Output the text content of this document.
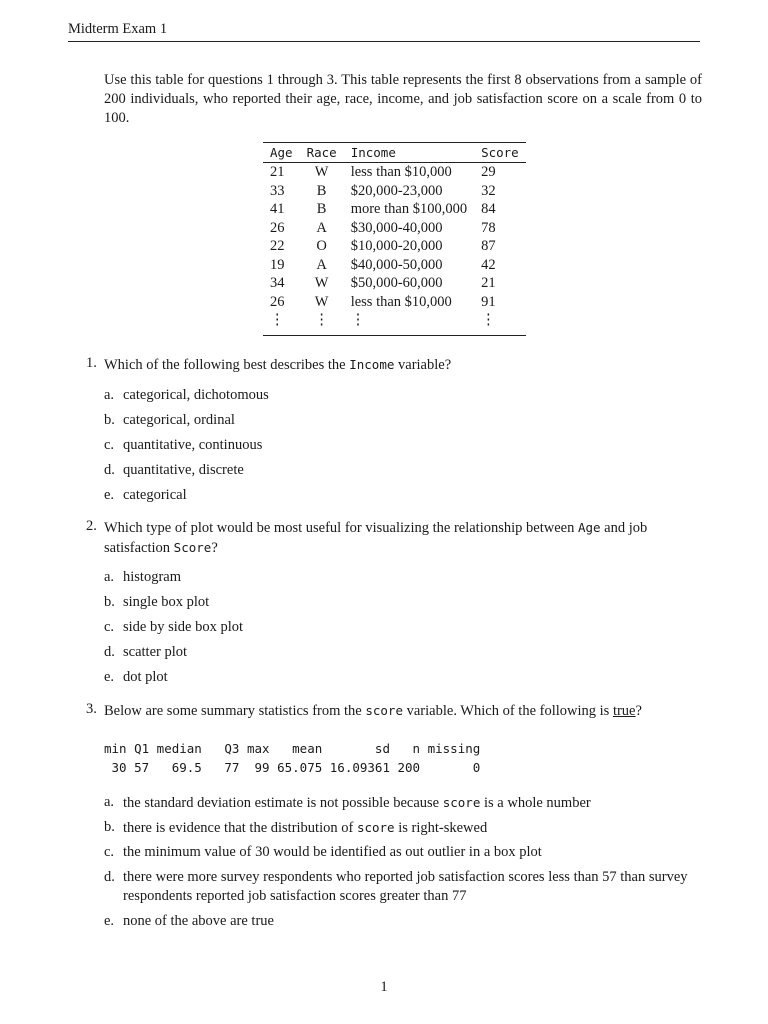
Midterm Exam 1

Use this table for questions 1 through 3. This table represents the first 8 observations from a sample of 200 individuals, who reported their age, race, income, and job satisfaction score on a scale from 0 to 100.

Age	Race	Income	Score
21	W	less than $10,000	29
33	B	$20,000-23,000	32
41	B	more than $100,000	84
26	A	$30,000-40,000	78
22	O	$10,000-20,000	87
19	A	$40,000-50,000	42
34	W	$50,000-60,000	21
26	W	less than $10,000	91
⋮	⋮	⋮	⋮
1. Which of the following best describes the Income variable?
a. categorical, dichotomous
b. categorical, ordinal
c. quantitative, continuous
d. quantitative, discrete
e. categorical
2. Which type of plot would be most useful for visualizing the relationship between Age and job satisfaction Score?
a. histogram
b. single box plot
c. side by side box plot
d. scatter plot
e. dot plot
3. Below are some summary statistics from the score variable. Which of the following is true?
min Q1 median   Q3 max   mean       sd   n missing
30 57   69.5   77  99 65.075 16.09361 200       0
a. the standard deviation estimate is not possible because score is a whole number
b. there is evidence that the distribution of score is right-skewed
c. the minimum value of 30 would be identified as out outlier in a box plot
d. there were more survey respondents who reported job satisfaction scores less than 57 than survey respondents reported job satisfaction scores greater than 77
e. none of the above are true
1
